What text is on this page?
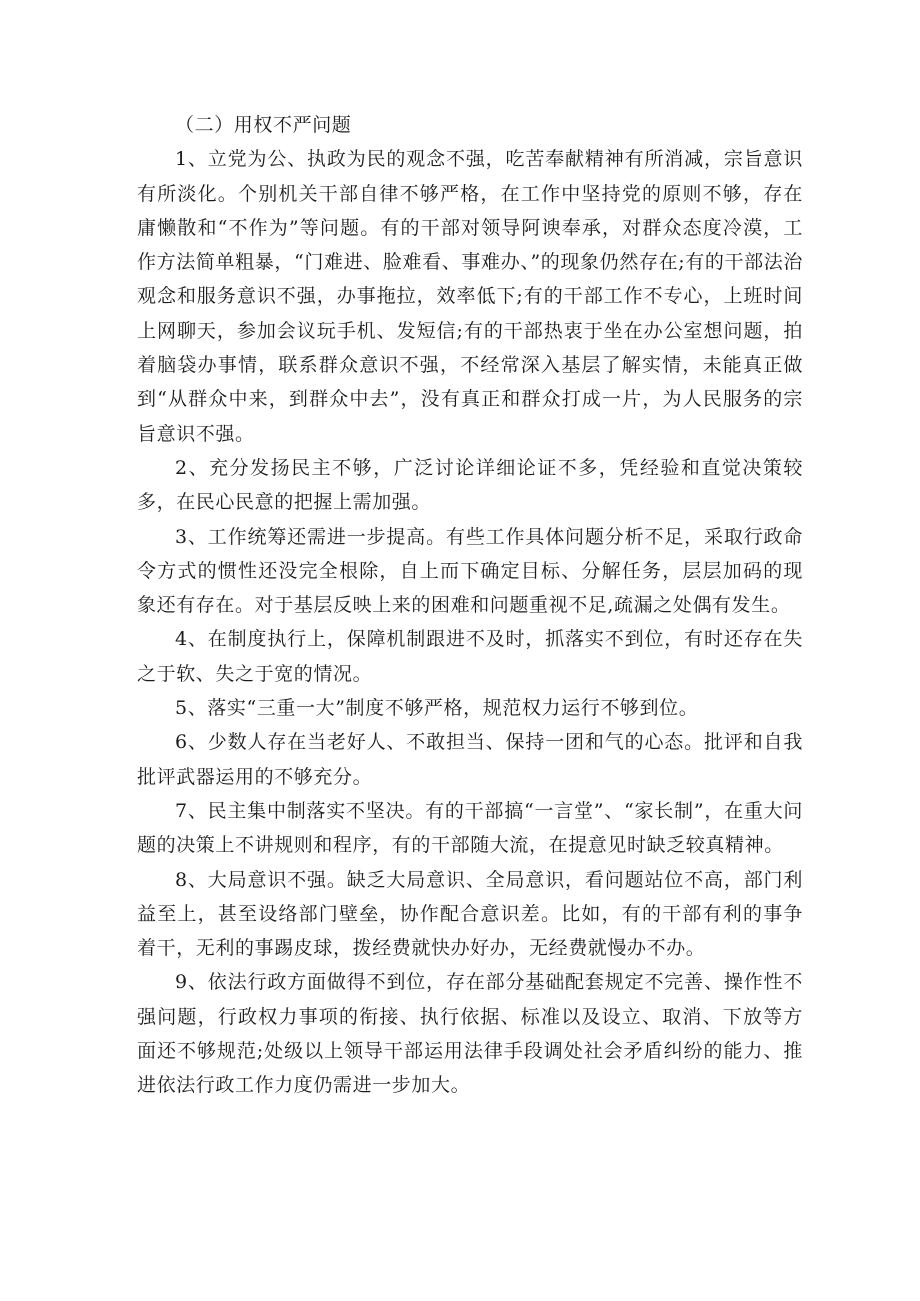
（二）用权不严问题

1、立党为公、执政为民的观念不强，吃苦奉献精神有所消减，宗旨意识有所淡化。个别机关干部自律不够严格，在工作中坚持党的原则不够，存在庸懒散和“不作为”等问题。有的干部对领导阿谀奉承，对群众态度冷漠，工作方法简单粗暴，“门难进、脸难看、事难办、”的现象仍然存在;有的干部法治观念和服务意识不强，办事拖拉，效率低下;有的干部工作不专心，上班时间上网聊天，参加会议玩手机、发短信;有的干部热衷于坐在办公室想问题，拍着脑袋办事情，联系群众意识不强，不经常深入基层了解实情，未能真正做到“从群众中来，到群众中去”，没有真正和群众打成一片，为人民服务的宗旨意识不强。

2、充分发扬民主不够，广泛讨论详细论证不多，凭经验和直觉决策较多，在民心民意的把握上需加强。

3、工作统筹还需进一步提高。有些工作具体问题分析不足，采取行政命令方式的惯性还没完全根除，自上而下确定目标、分解任务，层层加码的现象还有存在。对于基层反映上来的困难和问题重视不足,疏漏之处偶有发生。

4、在制度执行上，保障机制跟进不及时，抓落实不到位，有时还存在失之于软、失之于宽的情况。

5、落实“三重一大”制度不够严格，规范权力运行不够到位。

6、少数人存在当老好人、不敢担当、保持一团和气的心态。批评和自我批评武器运用的不够充分。

7、民主集中制落实不坚决。有的干部搞“一言堂”、“家长制”，在重大问题的决策上不讲规则和程序，有的干部随大流，在提意见时缺乏较真精神。

8、大局意识不强。缺乏大局意识、全局意识，看问题站位不高，部门利益至上，甚至设络部门壁垒，协作配合意识差。比如，有的干部有利的事争着干，无利的事踢皮球，拨经费就快办好办，无经费就慢办不办。

9、依法行政方面做得不到位，存在部分基础配套规定不完善、操作性不强问题，行政权力事项的衔接、执行依据、标准以及设立、取消、下放等方面还不够规范;处级以上领导干部运用法律手段调处社会矛盾纠纷的能力、推进依法行政工作力度仍需进一步加大。
